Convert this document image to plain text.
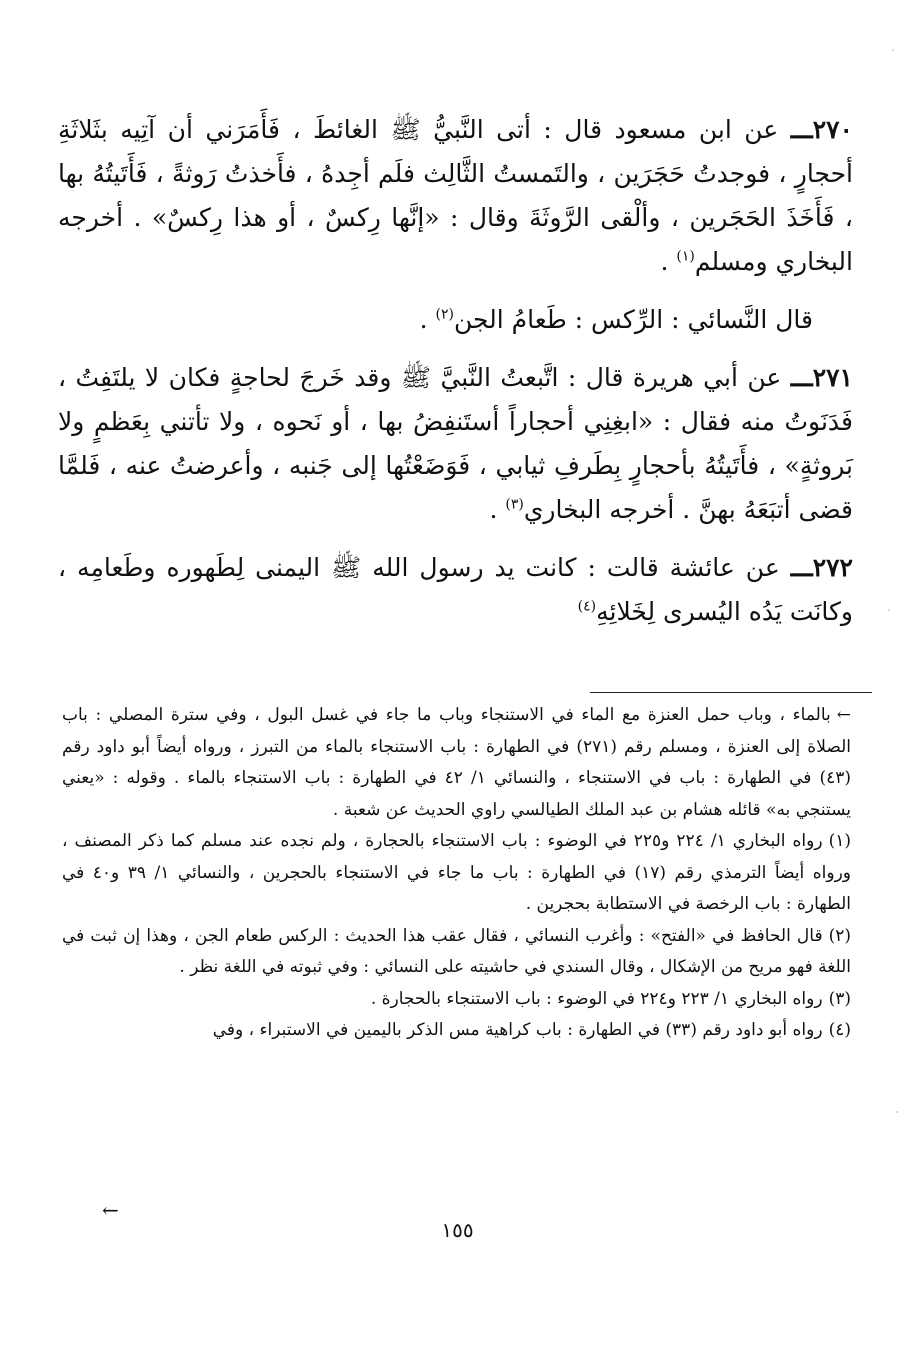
٢٧٠ـــ عن ابن مسعود قال : أتى النَّبيُّ ﷺ الغائطَ ، فَأَمَرَني أن آتِيه بثَلاثَةِ أحجارٍ ، فوجدتُ حَجَرَين ، والتَمستُ الثَّالِث فلَم أجِدهُ ، فأَخذتُ رَوثةً ، فَأَتَيتُهُ بها ، فَأَخَذَ الحَجَرين ، وألْقى الرَّوثَةَ وقال : «إنَّها رِكسٌ ، أو هذا رِكسٌ» . أخرجه البخاري ومسلم$^{(١)}$ .

قال النَّسائي : الرِّكس : طَعامُ الجن$^{(٢)}$ .

٢٧١ـــ عن أبي هريرة قال : اتَّبعتُ النَّبيَّ ﷺ وقد خَرجَ لحاجةٍ فكان لا يلتَفِتُ ، فَدَنَوتُ منه فقال : «ابغِنِي أحجاراً أستَنفِضُ بها ، أو نَحوه ، ولا تأتني بِعَظمٍ ولا بَروثةٍ» ، فأَتَيتُهُ بأحجارٍ بِطَرفِ ثيابي ، فَوَضَعْتُها إلى جَنبه ، وأعرضتُ عنه ، فَلمَّا قضى أتبَعَهُ بهنَّ . أخرجه البخاري$^{(٣)}$ .

٢٧٢ـــ عن عائشة قالت : كانت يد رسول الله ﷺ اليمنى لِطَهوره وطَعامِه ، وكانَت يَدُه اليُسرى لِخَلائِهِ$^{(٤)}$

←بالماء ، وباب حمل العنزة مع الماء في الاستنجاء وباب ما جاء في غسل البول ، وفي سترة المصلي : باب الصلاة إلى العنزة ، ومسلم رقم (٢٧١) في الطهارة : باب الاستنجاء بالماء من التبرز ، ورواه أيضاً أبو داود رقم (٤٣) في الطهارة : باب في الاستنجاء ، والنسائي ١/ ٤٢ في الطهارة : باب الاستنجاء بالماء . وقوله : «يعني يستنجي به» قائله هشام بن عبد الملك الطيالسي راوي الحديث عن شعبة .

(١)رواه البخاري ١/ ٢٢٤ و٢٢٥ في الوضوء : باب الاستنجاء بالحجارة ، ولم نجده عند مسلم كما ذكر المصنف ، ورواه أيضاً الترمذي رقم (١٧) في الطهارة : باب ما جاء في الاستنجاء بالحجرين ، والنسائي ١/ ٣٩ و٤٠ في الطهارة : باب الرخصة في الاستطابة بحجرين .

(٢)قال الحافظ في «الفتح» : وأغرب النسائي ، فقال عقب هذا الحديث : الركس طعام الجن ، وهذا إن ثبت في اللغة فهو مريح من الإشكال ، وقال السندي في حاشيته على النسائي : وفي ثبوته في اللغة نظر .

(٣)رواه البخاري ١/ ٢٢٣ و٢٢٤ في الوضوء : باب الاستنجاء بالحجارة .

(٤)رواه أبو داود رقم (٣٣) في الطهارة : باب كراهية مس الذكر باليمين في الاستبراء ، وفي

←
١٥٥
